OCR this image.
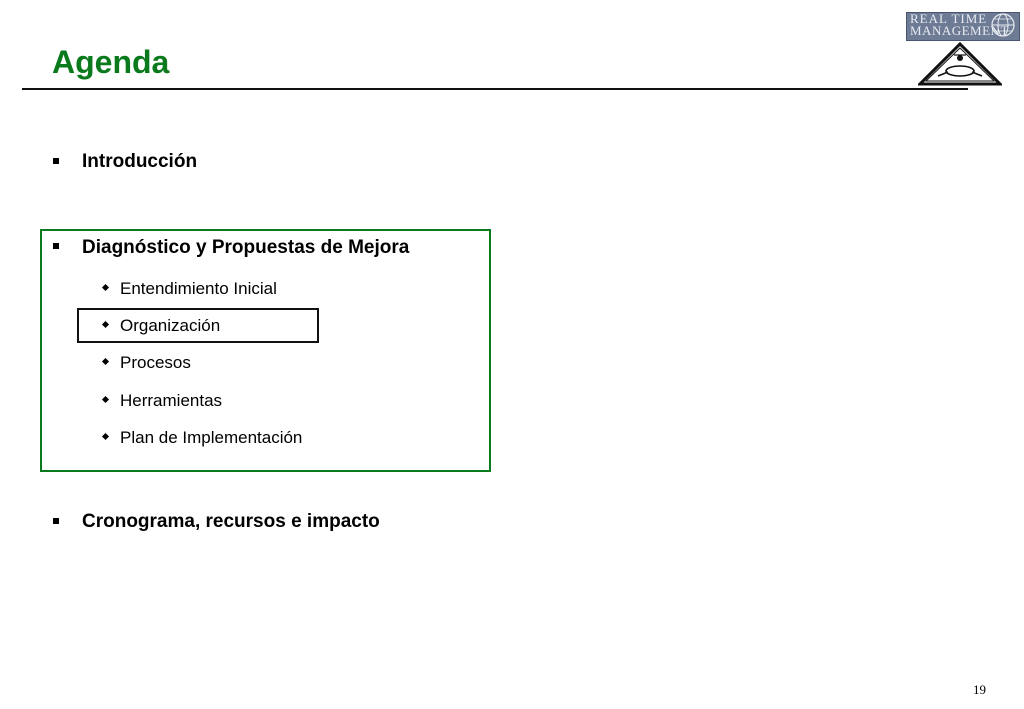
Agenda
REAL TIME
MANAGEMENT
Introducción
Diagnóstico y Propuestas de Mejora
Entendimiento Inicial
Organización
Procesos
Herramientas
Plan de Implementación
Cronograma, recursos e impacto
19
